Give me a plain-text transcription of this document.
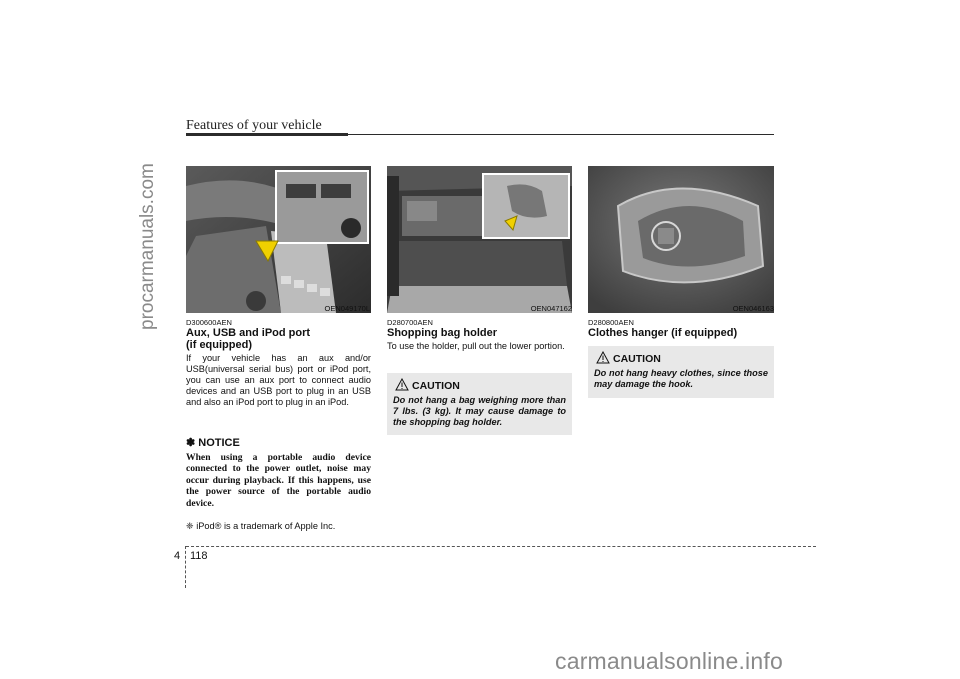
Features of your vehicle
procarmanuals.com
carmanualsonline.info
OEN049170L
D300600AEN
Aux, USB and iPod port
(if equipped)
If your vehicle has an aux and/or USB(universal serial bus) port or iPod port, you can use an aux port to connect audio devices and an USB port to plug in an USB and also an iPod port to plug in an iPod.
✽ NOTICE
When using a portable audio device connected to the power outlet, noise may occur during playback. If this happens, use the power source of the portable audio device.
❈ iPod® is a trademark of Apple Inc.
OEN047162
D280700AEN
Shopping bag holder
To use the holder, pull out the lower portion.
CAUTION
Do not hang a bag weighing more than 7 lbs. (3 kg). It may cause damage to the shopping bag holder.
OEN046163
D280800AEN
Clothes hanger (if equipped)
CAUTION
Do not hang heavy clothes, since those may damage the hook.
4 118
